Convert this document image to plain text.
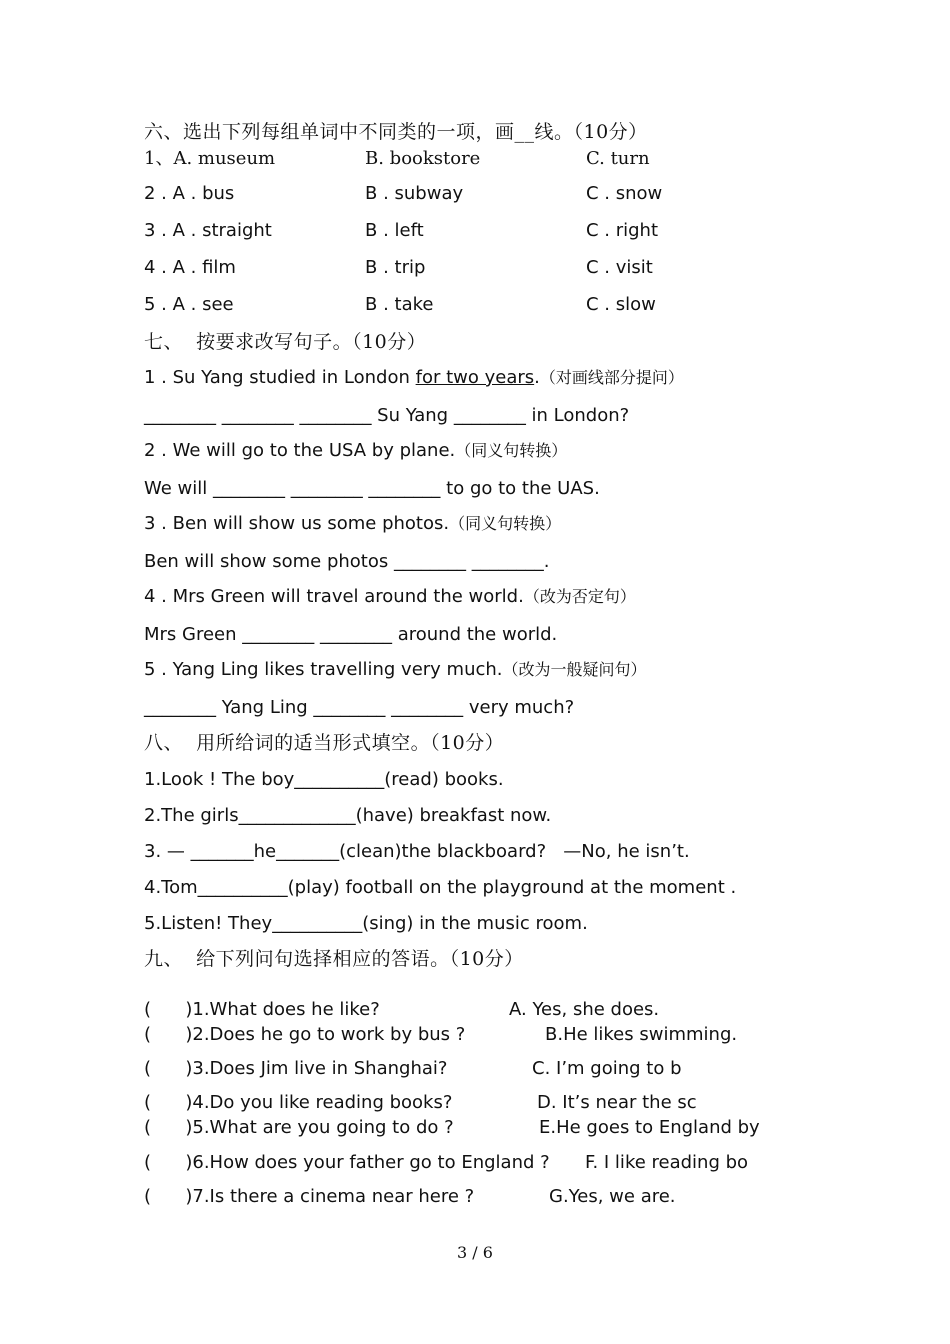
六、选出下列每组单词中不同类的一项，画__线。（10分）
1、A. museum	B. bookstore	C. turn
2 . A . bus	B . subway	C . snow
3 . A . straight	B . left	C . right
4 . A . film	B . trip	C . visit
5 . A . see	B . take	C . slow
七、  按要求改写句子。（10分）
1 . Su Yang studied in London for two years.（对画线部分提问）
________ ________ ________ Su Yang ________ in London?
2 . We will go to the USA by plane.（同义句转换）
We will ________ ________ ________ to go to the UAS.
3 . Ben will show us some photos.（同义句转换）
Ben will show some photos ________ ________.
4 . Mrs Green will travel around the world.（改为否定句）
Mrs Green ________ ________ around the world.
5 . Yang Ling likes travelling very much.（改为一般疑问句）
________ Yang Ling ________ ________ very much?
八、  用所给词的适当形式填空。（10分）
1.Look ! The boy__________(read) books.
2.The girls_____________(have) breakfast now.
3. — _______he_______(clean)the blackboard?   —No, he isn’t.
4.Tom__________(play) football on the playground at the moment .
5.Listen! They__________(sing) in the music room.
九、  给下列问句选择相应的答语。（10分）
(      )1.What does he like?	A. Yes, she does.
(      )2.Does he go to work by bus ?	B.He likes swimming.
(      )3.Does Jim live in Shanghai?	C. I’m going to b
(      )4.Do you like reading books?	D. It’s near the sc
(      )5.What are you going to do ?	E.He goes to England by
(      )6.How does your father go to England ? F. I like reading bo
(      )7.Is there a cinema near here ?	G.Yes, we are.
3 / 6
